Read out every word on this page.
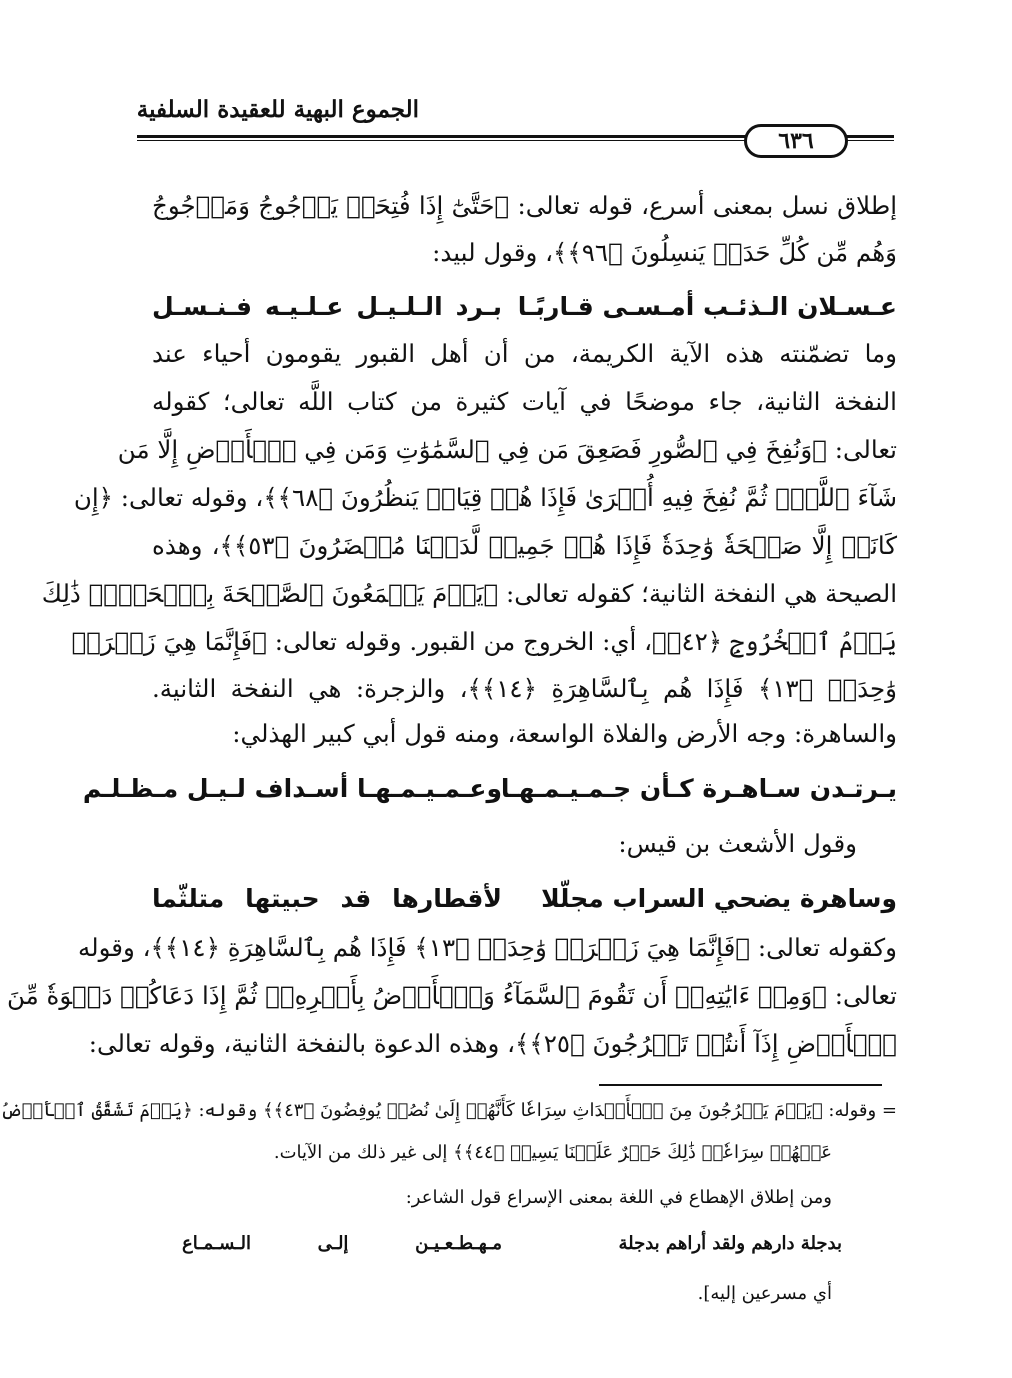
الجموع البهية للعقيدة السلفية
٦٣٦
إطلاق نسل بمعنى أسرع، قوله تعالى: ﴿حَتَّىٰٓ إِذَا فُتِحَتۡ يَأۡجُوجُ وَمَأۡجُوجُ
وَهُم مِّن كُلِّ حَدَبٖ يَنسِلُونَ ﴿٩٦﴾﴾، وقول لبيد:
عـسـلان الـذئـب أمـسـى قـاربًـا
بـرد الـلـيـل عـلـيـه فـنـسـل
وما تضمّنته هذه الآية الكريمة، من أن أهل القبور يقومون أحياء عند
النفخة الثانية، جاء موضحًا في آيات كثيرة من كتاب اللَّه تعالى؛ كقوله
تعالى: ﴿وَنُفِخَ فِي ٱلصُّورِ فَصَعِقَ مَن فِي ٱلسَّمَٰوَٰتِ وَمَن فِي ٱلۡأَرۡضِ إِلَّا مَن
شَآءَ ٱللَّهُۖ ثُمَّ نُفِخَ فِيهِ أُخۡرَىٰ فَإِذَا هُمۡ قِيَامٞ يَنظُرُونَ ﴿٦٨﴾﴾، وقوله تعالى: ﴿إِن
كَانَتۡ إِلَّا صَيۡحَةٗ وَٰحِدَةٗ فَإِذَا هُمۡ جَمِيعٞ لَّدَيۡنَا مُحۡضَرُونَ ﴿٥٣﴾﴾، وهذه
الصيحة هي النفخة الثانية؛ كقوله تعالى: ﴿يَوۡمَ يَسۡمَعُونَ ٱلصَّيۡحَةَ بِٱلۡحَقِّۚ ذَٰلِكَ
يَوۡمُ ٱلۡخُرُوجِ ﴿٤٢﴾﴾، أي: الخروج من القبور. وقوله تعالى: ﴿فَإِنَّمَا هِيَ زَجۡرَةٞ
وَٰحِدَةٞ ﴿١٣﴾ فَإِذَا هُم بِٱلسَّاهِرَةِ ﴿١٤﴾﴾، والزجرة: هي النفخة الثانية.
والساهرة: وجه الأرض والفلاة الواسعة، ومنه قول أبي كبير الهذلي:
يـرتـدن سـاهـرة كـأن جـمـيـمـهـا
وعـمـيـمـهـا أسـداف لـيـل مـظـلـم
وقول الأشعث بن قيس:
وساهرة يضحي السراب مجلّلا
لأقطارها قد حبيتها متلثّما
وكقوله تعالى: ﴿فَإِنَّمَا هِيَ زَجۡرَةٞ وَٰحِدَةٞ ﴿١٣﴾ فَإِذَا هُم بِٱلسَّاهِرَةِ ﴿١٤﴾﴾، وقوله
تعالى: ﴿وَمِنۡ ءَايَٰتِهِۦٓ أَن تَقُومَ ٱلسَّمَآءُ وَٱلۡأَرۡضُ بِأَمۡرِهِۦۚ ثُمَّ إِذَا دَعَاكُمۡ دَعۡوَةٗ مِّنَ
ٱلۡأَرۡضِ إِذَآ أَنتُمۡ تَخۡرُجُونَ ﴿٢٥﴾﴾، وهذه الدعوة بالنفخة الثانية، وقوله تعالى:
= وقوله: ﴿يَوۡمَ يَخۡرُجُونَ مِنَ ٱلۡأَجۡدَاثِ سِرَاعٗا كَأَنَّهُمۡ إِلَىٰ نُصُبٖ يُوفِضُونَ ﴿٤٣﴾﴾ وقوله: ﴿يَوۡمَ تَشَقَّقُ ٱلۡأَرۡضُ
عَنۡهُمۡ سِرَاعٗاۚ ذَٰلِكَ حَشۡرٌ عَلَيۡنَا يَسِيرٞ ﴿٤٤﴾﴾ إلى غير ذلك من الآيات.
ومن إطلاق الإهطاع في اللغة بمعنى الإسراع قول الشاعر:
بدجلة دارهم ولقد أراهم بدجلة
مـهـطـعـيـن إلـى الـسـمـاع
أي مسرعين إليه].
